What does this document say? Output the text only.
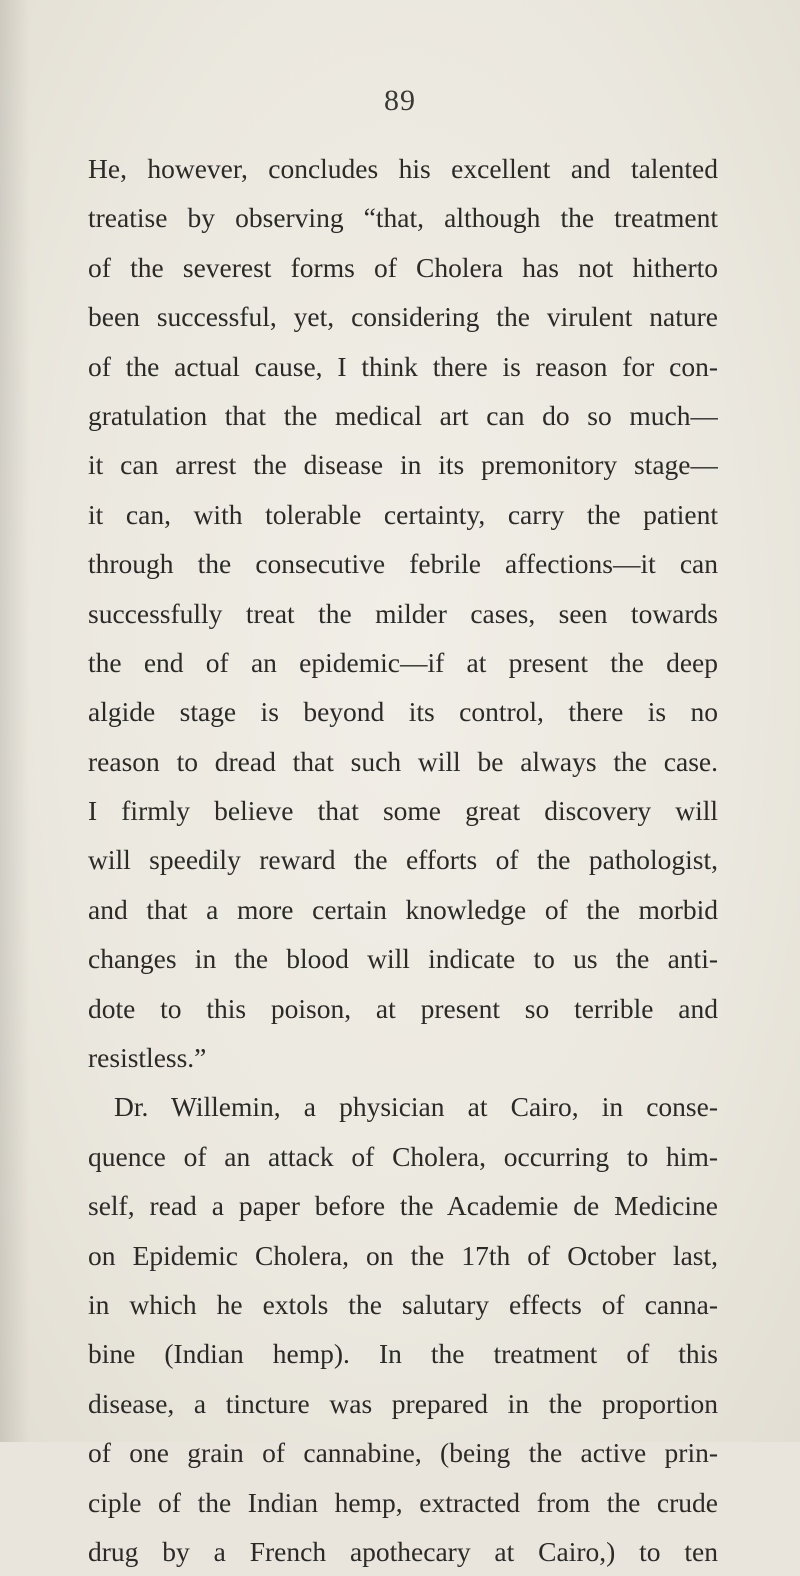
89
He, however, concludes his excellent and talented
treatise by observing “that, although the treatment
of the severest forms of Cholera has not hitherto
been successful, yet, considering the virulent nature
of the actual cause, I think there is reason for con-
gratulation that the medical art can do so much—
it can arrest the disease in its premonitory stage—
it can, with tolerable certainty, carry the patient
through the consecutive febrile affections—it can
successfully treat the milder cases, seen towards
the end of an epidemic—if at present the deep
algide stage is beyond its control, there is no
reason to dread that such will be always the case.
I firmly believe that some great discovery will
will speedily reward the efforts of the pathologist,
and that a more certain knowledge of the morbid
changes in the blood will indicate to us the anti-
dote to this poison, at present so terrible and
resistless.”
Dr. Willemin, a physician at Cairo, in conse-
quence of an attack of Cholera, occurring to him-
self, read a paper before the Academie de Medicine
on Epidemic Cholera, on the 17th of October last,
in which he extols the salutary effects of canna-
bine (Indian hemp). In the treatment of this
disease, a tincture was prepared in the proportion
of one grain of cannabine, (being the active prin-
ciple of the Indian hemp, extracted from the crude
drug by a French apothecary at Cairo,) to ten
